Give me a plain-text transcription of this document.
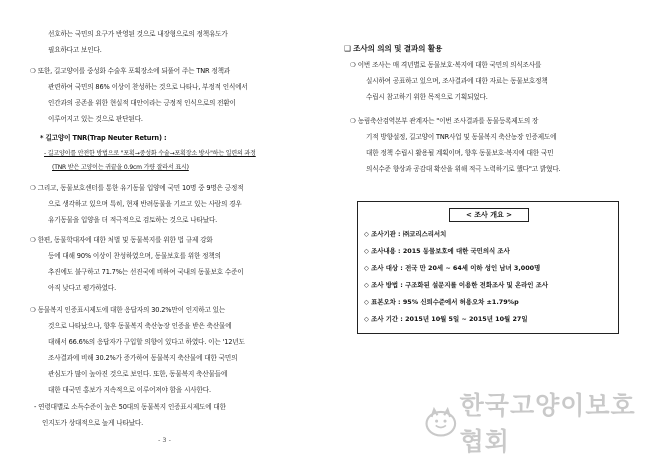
선호하는 국민의 요구가 반영된 것으로 내장형으로의 정책유도가
필요하다고 보인다.
❍ 또한, 길고양이를 중성화 수술후 포획장소에 되풀어 주는 TNR 정책과
관련하여 국민의 86% 이상이 찬성하는 것으로 나타나, 부정적 인식에서
인간과의 공존을 위한 현실적 대안이라는 긍정적 인식으로의 전환이
이루어지고 있는 것으로 판단된다.
* 길고양이 TNR(Trap Neuter Return) :
- 길고양이를 안전한 방법으로 "포획→중성화 수술→포획장소 방사"하는 일련의 과정
(TNR 받은 고양이는 귀끝을 0.9cm 가량 잘라서 표시)
❍ 그리고, 동물보호센터를 통한 유기동물 입양에 국민 10명 중 9명은 긍정적
으로 생각하고 있으며 특히, 현재 반려동물을 기르고 있는 사람의 경우
유기동물을 입양을 더 적극적으로 검토하는 것으로 나타났다.
❍ 한편, 동물학대자에 대한 처벌 및 동물복지를 위한 법 규제 강화
등에 대해 90% 이상이 찬성하였으며, 동물보호를 위한 정책의
추진에도 불구하고 71.7%는 선진국에 비하여 국내의 동물보호 수준이
아직 낮다고 평가하였다.
❍ 동물복지 인증표시제도에 대한 응답자의 30.2%만이 인지하고 있는
것으로 나타났으나, 향후 동물복지 축산농장 인증을 받은 축산물에
대해서 66.6%의 응답자가 구입할 의향이 있다고 하였다. 이는 '12년도
조사결과에 비해 30.2%가 증가하여 동물복지 축산물에 대한 국민의
관심도가 많이 높아진 것으로 보인다. 또한, 동물복지 축산물들에
대한 대국민 홍보가 지속적으로 이루어져야 함을 시사한다.
- 연령대별로 소득수준이 높은 50대의 동물복지 인증표시제도에 대한
인지도가 상대적으로 높게 나타났다.
- 3 -
❑ 조사의 의의 및 결과의 활용
❍ 이번 조사는 매 격년별로 동물보호·복지에 대한 국민의 의식조사를
실시하여 공표하고 있으며, 조사결과에 대한 자료는 동물보호정책
수립시 참고하기 위한 목적으로 기획되었다.
❍ 농림축산검역본부 관계자는 "이번 조사결과를 동물등록제도의 장
기적 방향설정, 길고양이 TNR사업 및 동물복지 축산농장 인증제도에
대한 정책 수립시 활용될 계획이며, 향후 동물보호·복지에 대한 국민
의식수준 향상과 공감대 확산을 위해 적극 노력하기로 했다"고 밝혔다.
< 조사 개요 >
◇ 조사기관 : ㈜코리스리서치
◇ 조사내용 : 2015 동물보호에 대한 국민의식 조사
◇ 조사 대상 : 전국 만 20세 ~ 64세 이하 성인 남녀 3,000명
◇ 조사 방법 : 구조화된 설문지를 이용한 전화조사 및 온라인 조사
◇ 표본오차 : 95% 신뢰수준에서 허용오차 ±1.79%p
◇ 조사 기간 : 2015년 10월 5일 ~ 2015년 10월 27일
한국고양이보호협회
